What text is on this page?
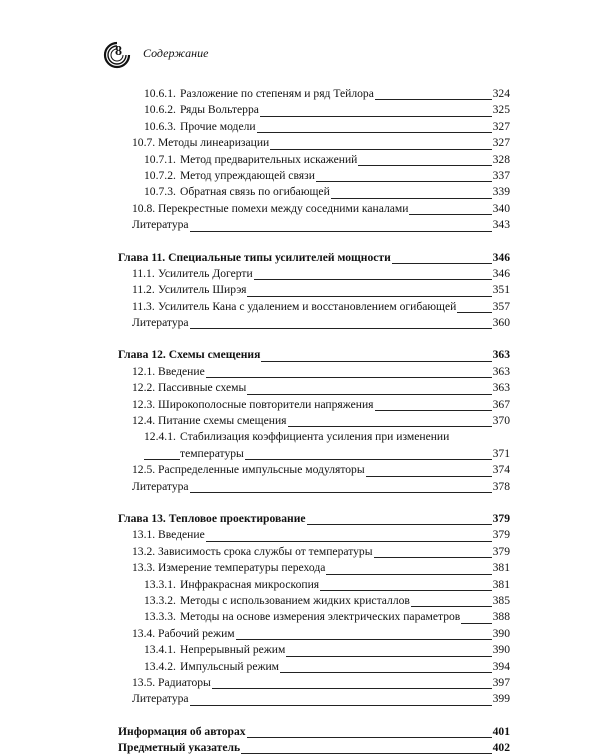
8 Содержание
10.6.1. Разложение по степеням и ряд Тейлора	324
10.6.2. Ряды Вольтерра	325
10.6.3. Прочие модели	327
10.7. Методы линеаризации	327
10.7.1. Метод предварительных искажений	328
10.7.2. Метод упреждающей связи	337
10.7.3. Обратная связь по огибающей	339
10.8. Перекрестные помехи между соседними каналами	340
Литература	343
Глава 11. Специальные типы усилителей мощности	346
11.1. Усилитель Догерти	346
11.2. Усилитель Ширэя	351
11.3. Усилитель Кана с удалением и восстановлением огибающей	357
Литература	360
Глава 12. Схемы смещения	363
12.1. Введение	363
12.2. Пассивные схемы	363
12.3. Широкополосные повторители напряжения	367
12.4. Питание схемы смещения	370
12.4.1. Стабилизация коэффициента усиления при изменении
температуры	371
12.5. Распределенные импульсные модуляторы	374
Литература	378
Глава 13. Тепловое проектирование	379
13.1. Введение	379
13.2. Зависимость срока службы от температуры	379
13.3. Измерение температуры перехода	381
13.3.1. Инфракрасная микроскопия	381
13.3.2. Методы с использованием жидких кристаллов	385
13.3.3. Методы на основе измерения электрических параметров	388
13.4. Рабочий режим	390
13.4.1. Непрерывный режим	390
13.4.2. Импульсный режим	394
13.5. Радиаторы	397
Литература	399
Информация об авторах	401
Предметный указатель	402
